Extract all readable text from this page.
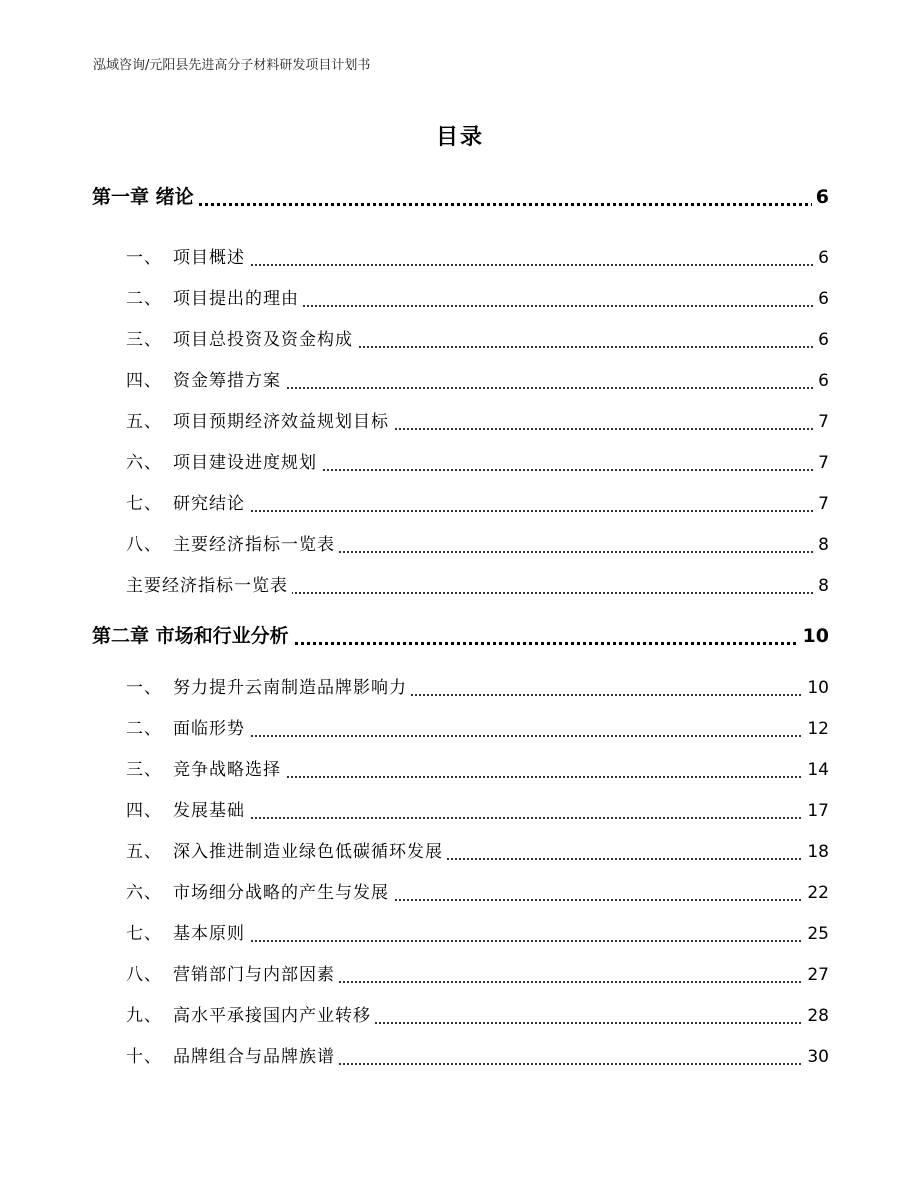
泓域咨询/元阳县先进高分子材料研发项目计划书
目录
第一章 绪论	6
一、 项目概述	6
二、 项目提出的理由	6
三、 项目总投资及资金构成	6
四、 资金筹措方案	6
五、 项目预期经济效益规划目标	7
六、 项目建设进度规划	7
七、 研究结论	7
八、 主要经济指标一览表	8
主要经济指标一览表	8
第二章 市场和行业分析	10
一、 努力提升云南制造品牌影响力	10
二、 面临形势	12
三、 竞争战略选择	14
四、 发展基础	17
五、 深入推进制造业绿色低碳循环发展	18
六、 市场细分战略的产生与发展	22
七、 基本原则	25
八、 营销部门与内部因素	27
九、 高水平承接国内产业转移	28
十、 品牌组合与品牌族谱	30
